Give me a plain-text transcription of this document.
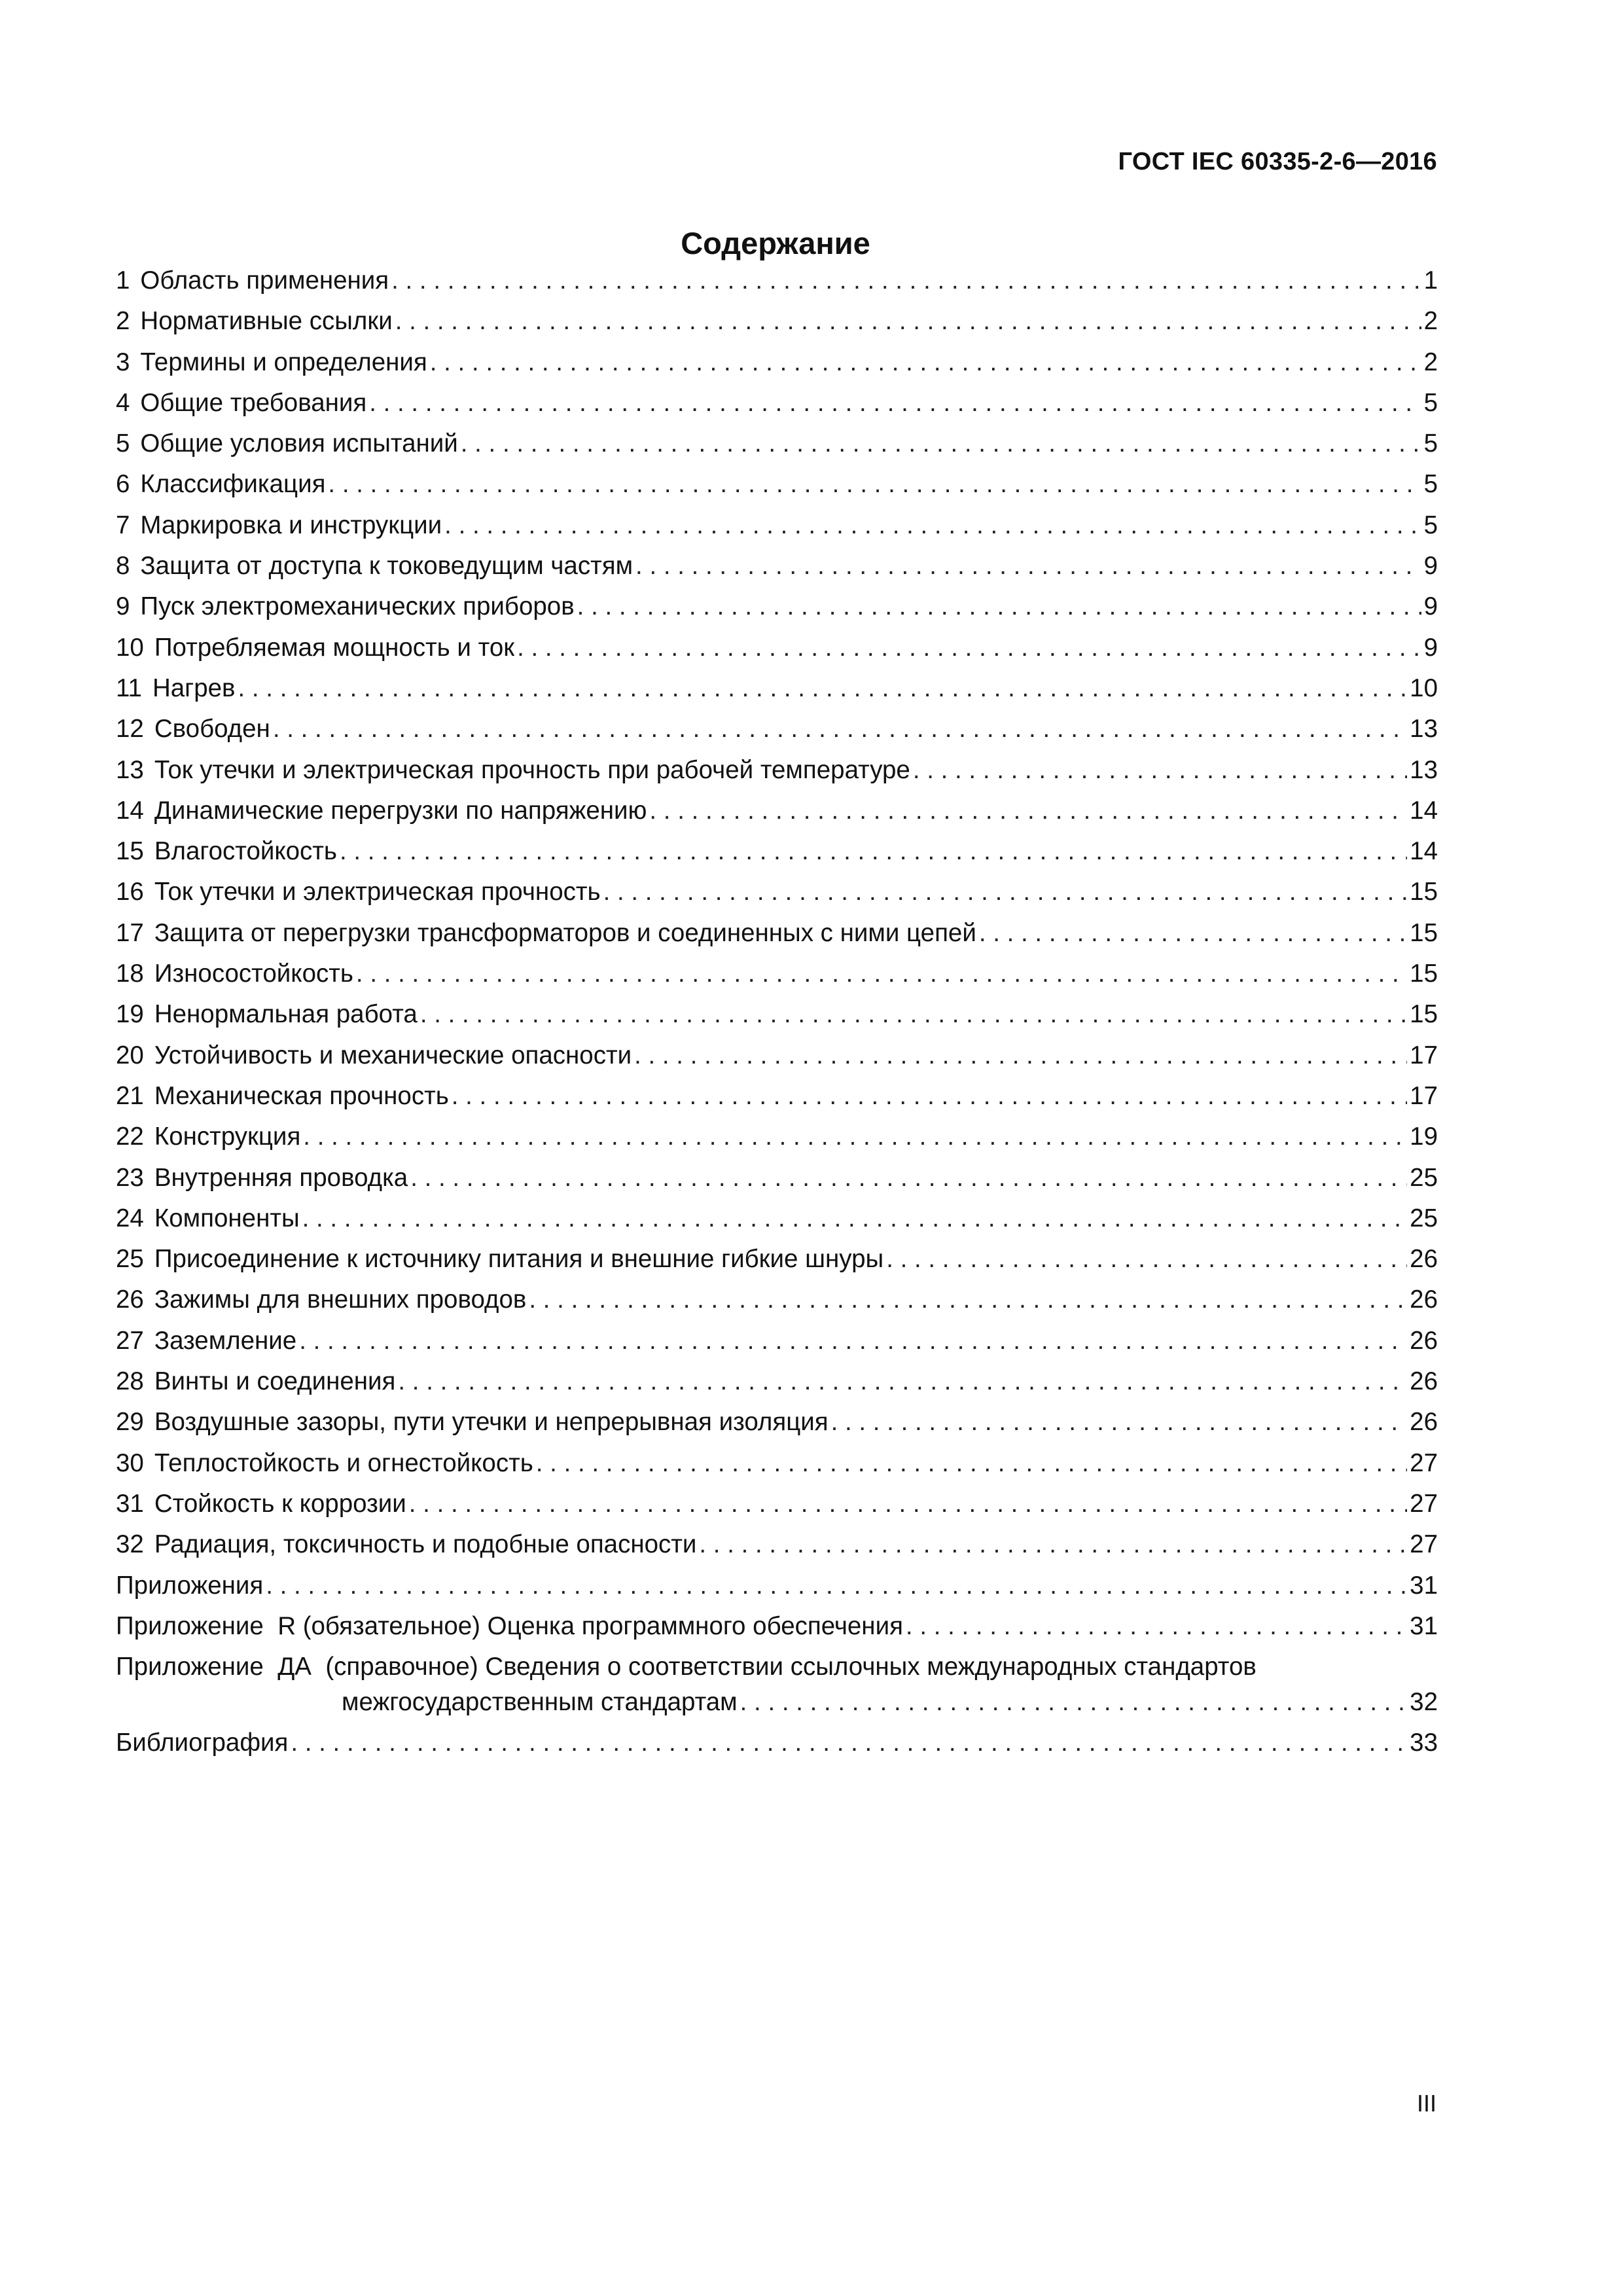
ГОСТ IEC 60335-2-6—2016
Содержание
1 Область применения . . .	1
2 Нормативные ссылки . . .	2
3 Термины и определения . . .	2
4 Общие требования . . .	5
5 Общие условия испытаний . . .	5
6 Классификация . . .	5
7 Маркировка и инструкции . . .	5
8 Защита от доступа к токоведущим частям . . .	9
9 Пуск электромеханических приборов . . .	9
10 Потребляемая мощность и ток . . .	9
11 Нагрев . . .	10
12 Свободен . . .	13
13 Ток утечки и электрическая прочность при рабочей температуре . . .	13
14 Динамические перегрузки по напряжению . . .	14
15 Влагостойкость . . .	14
16 Ток утечки и электрическая прочность . . .	15
17 Защита от перегрузки трансформаторов и соединенных с ними цепей . . .	15
18 Износостойкость . . .	15
19 Ненормальная работа . . .	15
20 Устойчивость и механические опасности . . .	17
21 Механическая прочность . . .	17
22 Конструкция . . .	19
23 Внутренняя проводка . . .	25
24 Компоненты . . .	25
25 Присоединение к источнику питания и внешние гибкие шнуры . . .	26
26 Зажимы для внешних проводов . . .	26
27 Заземление . . .	26
28 Винты и соединения . . .	26
29 Воздушные зазоры, пути утечки и непрерывная изоляция . . .	26
30 Теплостойкость и огнестойкость . . .	27
31 Стойкость к коррозии . . .	27
32 Радиация, токсичность и подобные опасности . . .	27
Приложения . . .	31
Приложение  R (обязательное) Оценка программного обеспечения . . .	31
Приложение  ДА  (справочное) Сведения о соответствии ссылочных международных стандартов
межгосударственным стандартам . . .	32
Библиография . . .	33
III
